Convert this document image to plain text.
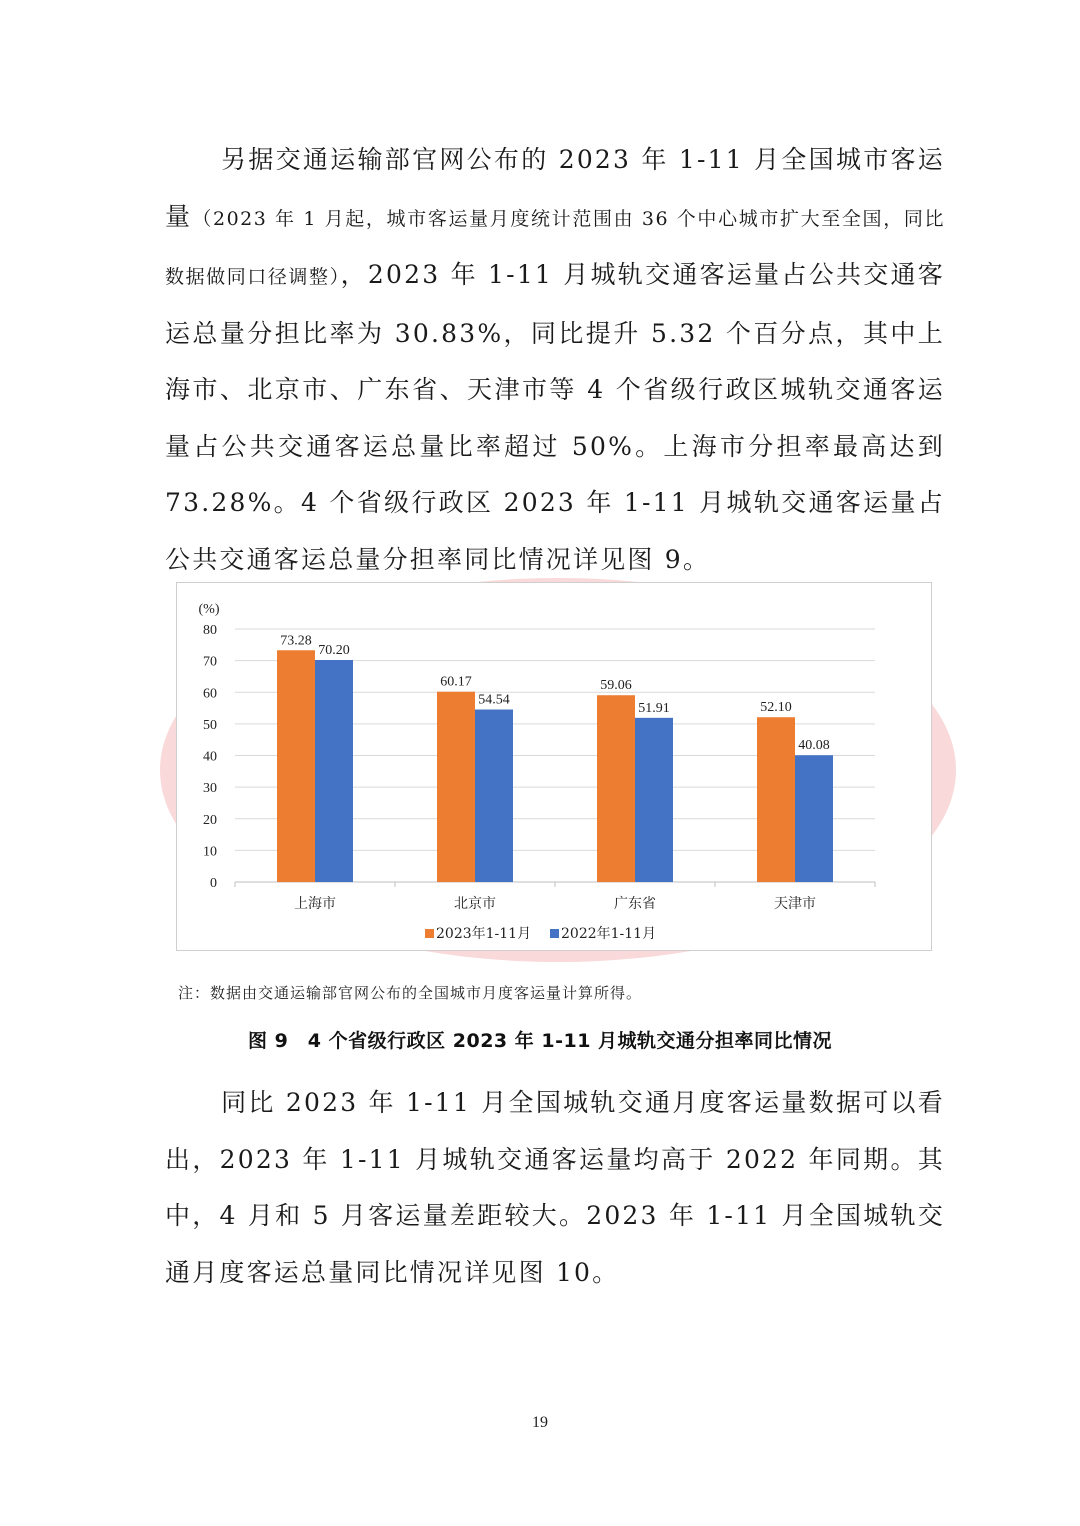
另据交通运输部官网公布的 2023 年 1-11 月全国城市客运量（2023 年 1 月起，城市客运量月度统计范围由 36 个中心城市扩大至全国，同比数据做同口径调整），2023 年 1-11 月城轨交通客运量占公共交通客运总量分担比率为 30.83%，同比提升 5.32 个百分点，其中上海市、北京市、广东省、天津市等 4 个省级行政区城轨交通客运量占公共交通客运总量比率超过 50%。上海市分担率最高达到 73.28%。4 个省级行政区 2023 年 1-11 月城轨交通客运量占公共交通客运总量分担率同比情况详见图 9。

0
10
20
30
40
50
60
70
80
(%)
73.28
70.20
上海市
60.17
54.54
北京市
59.06
51.91
广东省
52.10
40.08
天津市
2023年1-11月 2022年1-11月
注：数据由交通运输部官网公布的全国城市月度客运量计算所得。
图 9　4 个省级行政区 2023 年 1-11 月城轨交通分担率同比情况

同比 2023 年 1-11 月全国城轨交通月度客运量数据可以看出，2023 年 1-11 月城轨交通客运量均高于 2022 年同期。其中，4 月和 5 月客运量差距较大。2023 年 1-11 月全国城轨交通月度客运总量同比情况详见图 10。

19
